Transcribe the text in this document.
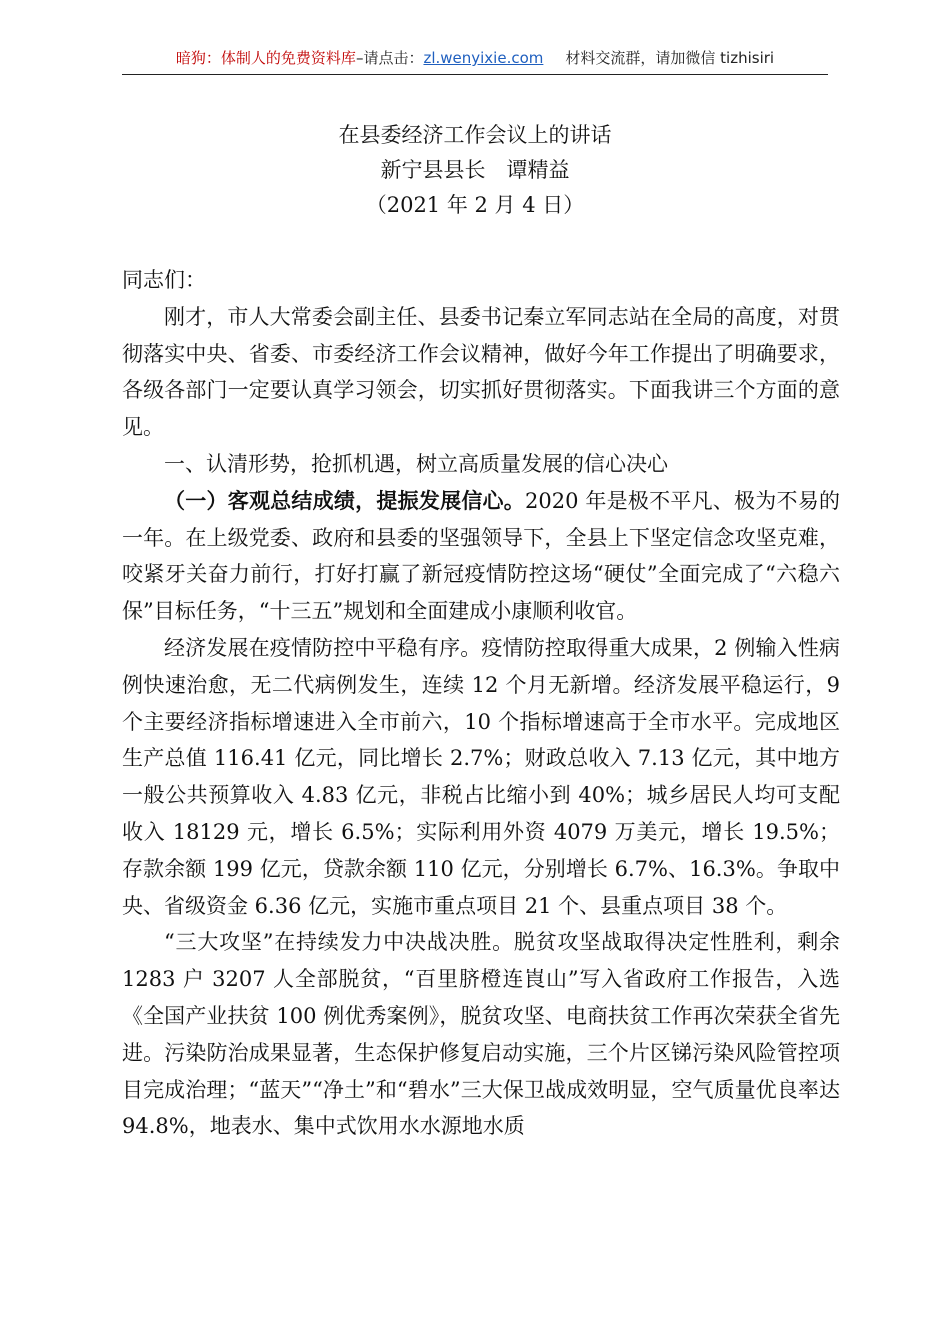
暗狗：体制人的免费资料库–请点击：zl.wenyixie.com 材料交流群，请加微信 tizhisiri
在县委经济工作会议上的讲话
新宁县县长　谭精益
（2021 年 2 月 4 日）

同志们：

刚才，市人大常委会副主任、县委书记秦立军同志站在全局的高度，对贯彻落实中央、省委、市委经济工作会议精神，做好今年工作提出了明确要求，各级各部门一定要认真学习领会，切实抓好贯彻落实。下面我讲三个方面的意见。

一、认清形势，抢抓机遇，树立高质量发展的信心决心

（一）客观总结成绩，提振发展信心。2020 年是极不平凡、极为不易的一年。在上级党委、政府和县委的坚强领导下，全县上下坚定信念攻坚克难，咬紧牙关奋力前行，打好打赢了新冠疫情防控这场“硬仗”全面完成了“六稳六保”目标任务，“十三五”规划和全面建成小康顺利收官。

经济发展在疫情防控中平稳有序。疫情防控取得重大成果，2 例输入性病例快速治愈，无二代病例发生，连续 12 个月无新增。经济发展平稳运行，9 个主要经济指标增速进入全市前六，10 个指标增速高于全市水平。完成地区生产总值 116.41 亿元，同比增长 2.7%；财政总收入 7.13 亿元，其中地方一般公共预算收入 4.83 亿元，非税占比缩小到 40%；城乡居民人均可支配收入 18129 元，增长 6.5%；实际利用外资 4079 万美元，增长 19.5%；存款余额 199 亿元，贷款余额 110 亿元，分别增长 6.7%、16.3%。争取中央、省级资金 6.36 亿元，实施市重点项目 21 个、县重点项目 38 个。

“三大攻坚”在持续发力中决战决胜。脱贫攻坚战取得决定性胜利，剩余 1283 户 3207 人全部脱贫，“百里脐橙连崀山”写入省政府工作报告，入选《全国产业扶贫 100 例优秀案例》，脱贫攻坚、电商扶贫工作再次荣获全省先进。污染防治成果显著，生态保护修复启动实施，三个片区锑污染风险管控项目完成治理；“蓝天”“净土”和“碧水”三大保卫战成效明显，空气质量优良率达 94.8%，地表水、集中式饮用水水源地水质
